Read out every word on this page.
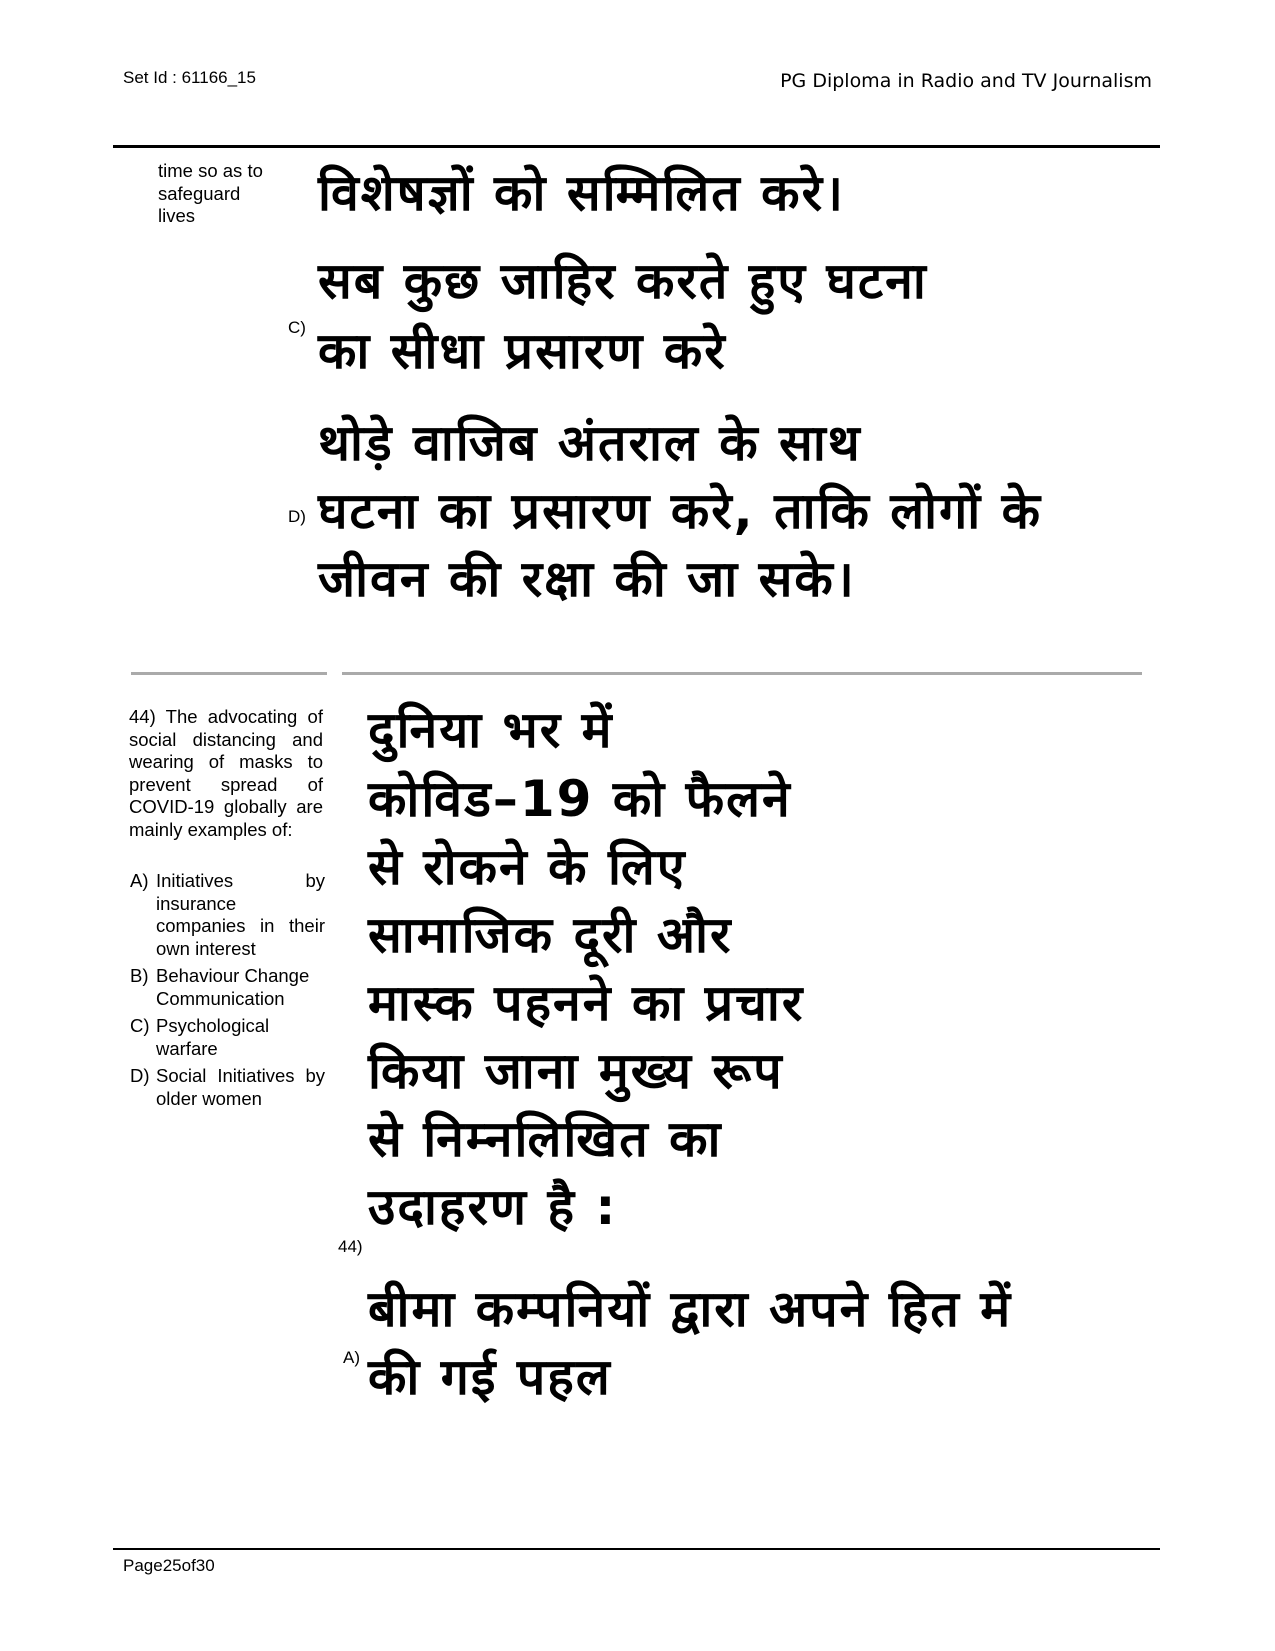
Set Id : 61166_15	PG Diploma in Radio and TV Journalism
time so as to safeguard lives	विशेषज्ञों को सम्मिलित करे।
C)
सब कुछ जाहिर करते हुए घटना
का सीधा प्रसारण करे
D)
थोड़े वाजिब अंतराल के साथ
घटना का प्रसारण करे, ताकि लोगों के
जीवन की रक्षा की जा सके।
44) The advocating of social distancing and wearing of masks to prevent spread of COVID-19 globally are mainly examples of:
A) Initiatives by insurance companies in their own interest
B) Behaviour Change Communication
C) Psychological warfare
D) Social Initiatives by older women
दुनिया भर में
कोविड–19 को फैलने
से रोकने के लिए
सामाजिक दूरी और
मास्क पहनने का प्रचार
किया जाना मुख्य रूप
से निम्नलिखित का
उदाहरण है :
44)
बीमा कम्पनियों द्वारा अपने हित में
की गई पहल
A)
Page25of30
